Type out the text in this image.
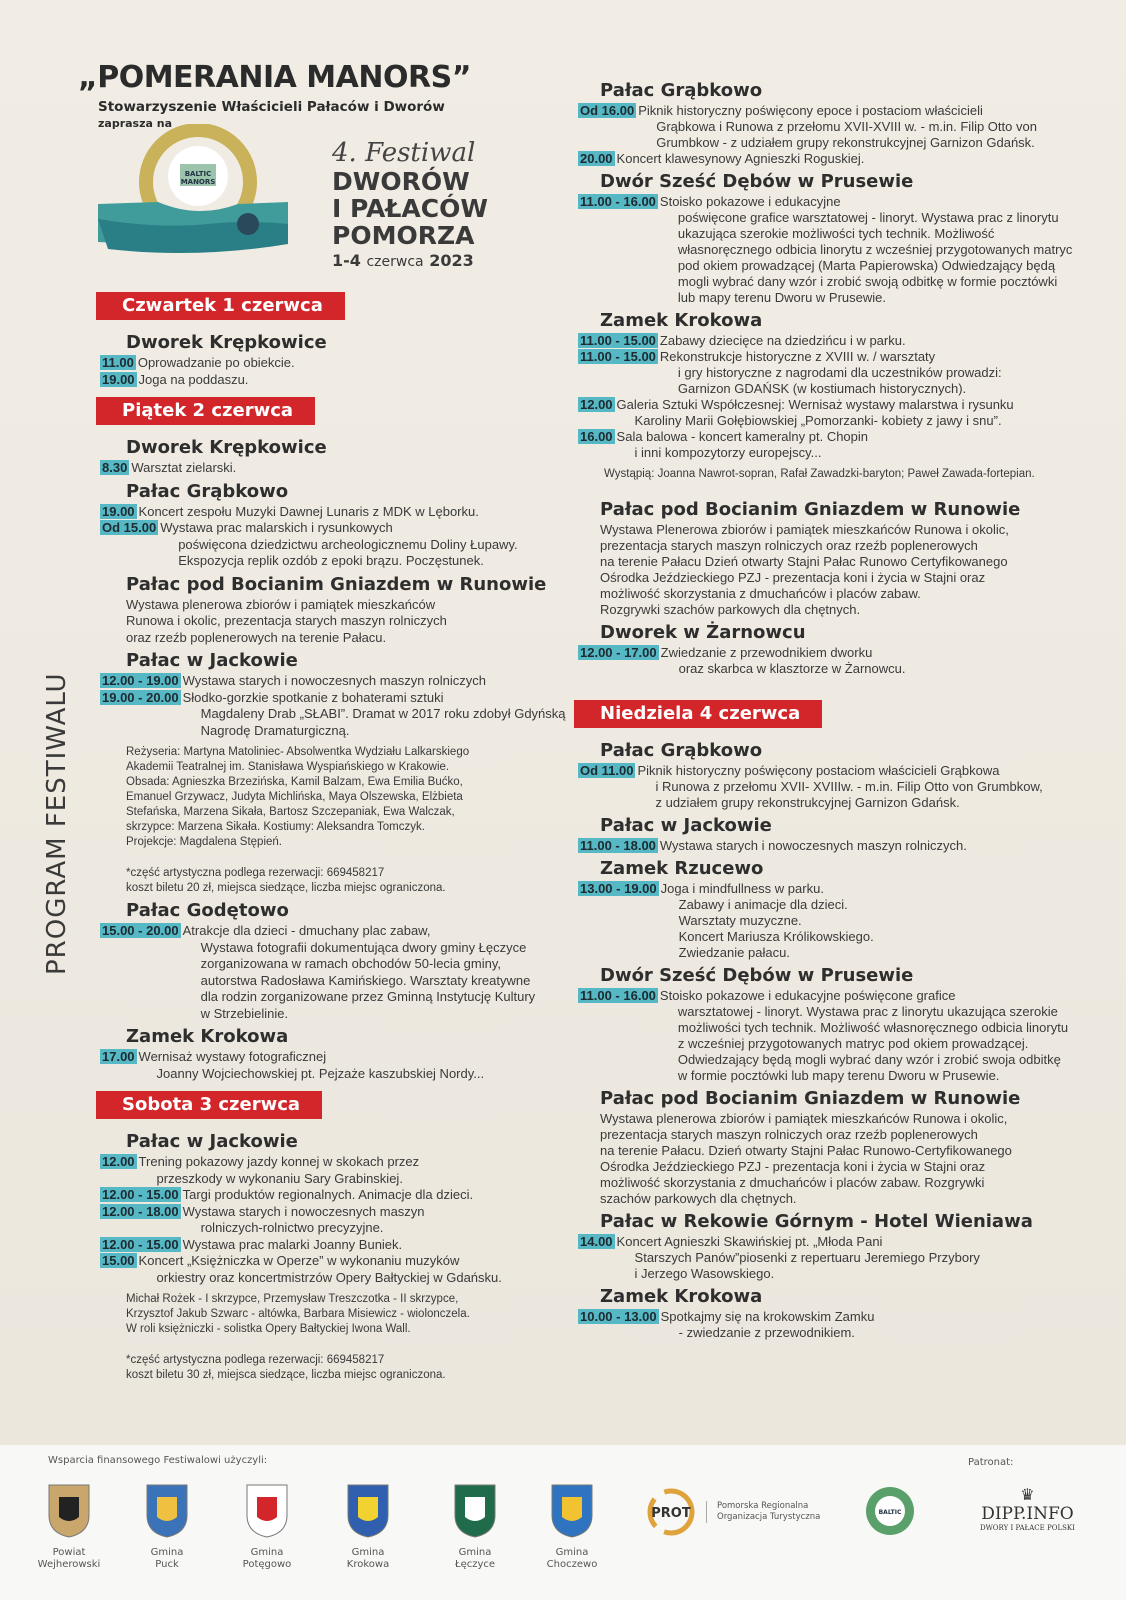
„POMERANIA MANORS”
Stowarzyszenie Właścicieli Pałaców i Dworów
zaprasza na
BALTIC
MANORS
4. Festiwal
DWORÓW
I PAŁACÓW
POMORZA
1-4 czerwca 2023
PROGRAM FESTIWALU
Czwartek 1 czerwca
Dworek Krępkowice
11.00 Oprowadzanie po obiekcie.
19.00 Joga na poddaszu.
Piątek 2 czerwca
Dworek Krępkowice
8.30 Warsztat zielarski.
Pałac Grąbkowo
19.00 Koncert zespołu Muzyki Dawnej Lunaris z MDK w Lęborku.
Od 15.00 Wystawa prac malarskich i rysunkowych
poświęcona dziedzictwu archeologicznemu Doliny Łupawy.
Ekspozycja replik ozdób z epoki brązu. Poczęstunek.
Pałac pod Bocianim Gniazdem w Runowie
Wystawa plenerowa zbiorów i pamiątek mieszkańców
Runowa i okolic, prezentacja starych maszyn rolniczych
oraz rzeźb poplenerowych na terenie Pałacu.
Pałac w Jackowie
12.00 - 19.00 Wystawa starych i nowoczesnych maszyn rolniczych
19.00 - 20.00 Słodko-gorzkie spotkanie z bohaterami sztuki
Magdaleny Drab „SŁABI”. Dramat w 2017 roku zdobył Gdyńską
Nagrodę Dramaturgiczną.
Reżyseria: Martyna Matoliniec- Absolwentka Wydziału Lalkarskiego
Akademii Teatralnej im. Stanisława Wyspiańskiego w Krakowie.
Obsada: Agnieszka Brzezińska, Kamil Balzam, Ewa Emilia Bućko,
Emanuel Grzywacz, Judyta Michlińska, Maya Olszewska, Elżbieta
Stefańska, Marzena Sikała, Bartosz Szczepaniak, Ewa Walczak,
skrzypce: Marzena Sikała. Kostiumy: Aleksandra Tomczyk.
Projekcje: Magdalena Stępień.
*część artystyczna podlega rezerwacji: 669458217
koszt biletu 20 zł, miejsca siedzące, liczba miejsc ograniczona.
Pałac Godętowo
15.00 - 20.00 Atrakcje dla dzieci - dmuchany plac zabaw,
Wystawa fotografii dokumentująca dwory gminy Łęczyce
zorganizowana w ramach obchodów 50-lecia gminy,
autorstwa Radosława Kamińskiego. Warsztaty kreatywne
dla rodzin zorganizowane przez Gminną Instytucję Kultury
w Strzebielinie.
Zamek Krokowa
17.00 Wernisaż wystawy fotograficznej
Joanny Wojciechowskiej pt. Pejzaże kaszubskiej Nordy...
Sobota 3 czerwca
Pałac w Jackowie
12.00 Trening pokazowy jazdy konnej w skokach przez
przeszkody w wykonaniu Sary Grabinskiej.
12.00 - 15.00 Targi produktów regionalnych. Animacje dla dzieci.
12.00 - 18.00 Wystawa starych i nowoczesnych maszyn
rolniczych-rolnictwo precyzyjne.
12.00 - 15.00 Wystawa prac malarki Joanny Buniek.
15.00 Koncert „Księżniczka w Operze” w wykonaniu muzyków
orkiestry oraz koncertmistrzów Opery Bałtyckiej w Gdańsku.
Michał Rożek - I skrzypce, Przemysław Treszczotka - II skrzypce,
Krzysztof Jakub Szwarc - altówka, Barbara Misiewicz - wiolonczela.
W roli księżniczki - solistka Opery Bałtyckiej Iwona Wall.
*część artystyczna podlega rezerwacji: 669458217
koszt biletu 30 zł, miejsca siedzące, liczba miejsc ograniczona.
Pałac Grąbkowo
Od 16.00 Piknik historyczny poświęcony epoce i postaciom właścicieli
Grąbkowa i Runowa z przełomu XVII-XVIII w. - m.in. Filip Otto von
Grumbkow - z udziałem grupy rekonstrukcyjnej Garnizon Gdańsk.
20.00 Koncert klawesynowy Agnieszki Roguskiej.
Dwór Sześć Dębów w Prusewie
11.00 - 16.00 Stoisko pokazowe i edukacyjne
poświęcone grafice warsztatowej - linoryt. Wystawa prac z linorytu
ukazująca szerokie możliwości tych technik. Możliwość
własnoręcznego odbicia linorytu z wcześniej przygotowanych matryc
pod okiem prowadzącej (Marta Papierowska) Odwiedzający będą
mogli wybrać dany wzór i zrobić swoją odbitkę w formie pocztówki
lub mapy terenu Dworu w Prusewie.
Zamek Krokowa
11.00 - 15.00 Zabawy dziecięce na dziedzińcu i w parku.
11.00 - 15.00 Rekonstrukcje historyczne z XVIII w. / warsztaty
i gry historyczne z nagrodami dla uczestników prowadzi:
Garnizon GDAŃSK (w kostiumach historycznych).
12.00 Galeria Sztuki Współczesnej: Wernisaż wystawy malarstwa i rysunku
Karoliny Marii Gołębiowskiej „Pomorzanki- kobiety z jawy i snu”.
16.00 Sala balowa - koncert kameralny pt. Chopin
i inni kompozytorzy europejscy...
Wystąpią: Joanna Nawrot-sopran, Rafał Zawadzki-baryton; Paweł Zawada-fortepian.
Pałac pod Bocianim Gniazdem w Runowie
Wystawa Plenerowa zbiorów i pamiątek mieszkańców Runowa i okolic,
prezentacja starych maszyn rolniczych oraz rzeźb poplenerowych
na terenie Pałacu Dzień otwarty Stajni Pałac Runowo Certyfikowanego
Ośrodka Jeździeckiego PZJ - prezentacja koni i życia w Stajni oraz
możliwość skorzystania z dmuchańców i placów zabaw.
Rozgrywki szachów parkowych dla chętnych.
Dworek w Żarnowcu
12.00 - 17.00 Zwiedzanie z przewodnikiem dworku
oraz skarbca w klasztorze w Żarnowcu.
Niedziela 4 czerwca
Pałac Grąbkowo
Od 11.00 Piknik historyczny poświęcony postaciom właścicieli Grąbkowa
i Runowa z przełomu XVII- XVIIIw. - m.in. Filip Otto von Grumbkow,
z udziałem grupy rekonstrukcyjnej Garnizon Gdańsk.
Pałac w Jackowie
11.00 - 18.00 Wystawa starych i nowoczesnych maszyn rolniczych.
Zamek Rzucewo
13.00 - 19.00 Joga i mindfullness w parku.
Zabawy i animacje dla dzieci.
Warsztaty muzyczne.
Koncert Mariusza Królikowskiego.
Zwiedzanie pałacu.
Dwór Sześć Dębów w Prusewie
11.00 - 16.00 Stoisko pokazowe i edukacyjne poświęcone grafice
warsztatowej - linoryt. Wystawa prac z linorytu ukazująca szerokie
możliwości tych technik. Możliwość własnoręcznego odbicia linorytu
z wcześniej przygotowanych matryc pod okiem prowadzącej.
Odwiedzający będą mogli wybrać dany wzór i zrobić swoja odbitkę
w formie pocztówki lub mapy terenu Dworu w Prusewie.
Pałac pod Bocianim Gniazdem w Runowie
Wystawa plenerowa zbiorów i pamiątek mieszkańców Runowa i okolic,
prezentacja starych maszyn rolniczych oraz rzeźb poplenerowych
na terenie Pałacu. Dzień otwarty Stajni Pałac Runowo-Certyfikowanego
Ośrodka Jeździeckiego PZJ - prezentacja koni i życia w Stajni oraz
możliwość skorzystania z dmuchańców i placów zabaw. Rozgrywki
szachów parkowych dla chętnych.
Pałac w Rekowie Górnym - Hotel Wieniawa
14.00 Koncert Agnieszki Skawińskiej pt. „Młoda Pani
Starszych Panów”piosenki z repertuaru Jeremiego Przybory
i Jerzego Wasowskiego.
Zamek Krokowa
10.00 - 13.00 Spotkajmy się na krokowskim Zamku
- zwiedzanie z przewodnikiem.
Wsparcia finansowego Festiwalowi użyczyli:	Patronat:
Powiat
Wejherowski
Gmina
Puck
Gmina
Potęgowo
Gmina
Krokowa
Gmina
Łęczyce
Gmina
Choczewo
PROT	Pomorska Regionalna
Organizacja Turystyczna	BALTIC
♛
DIPP.INFO
DWORY I PAŁACE POLSKI
